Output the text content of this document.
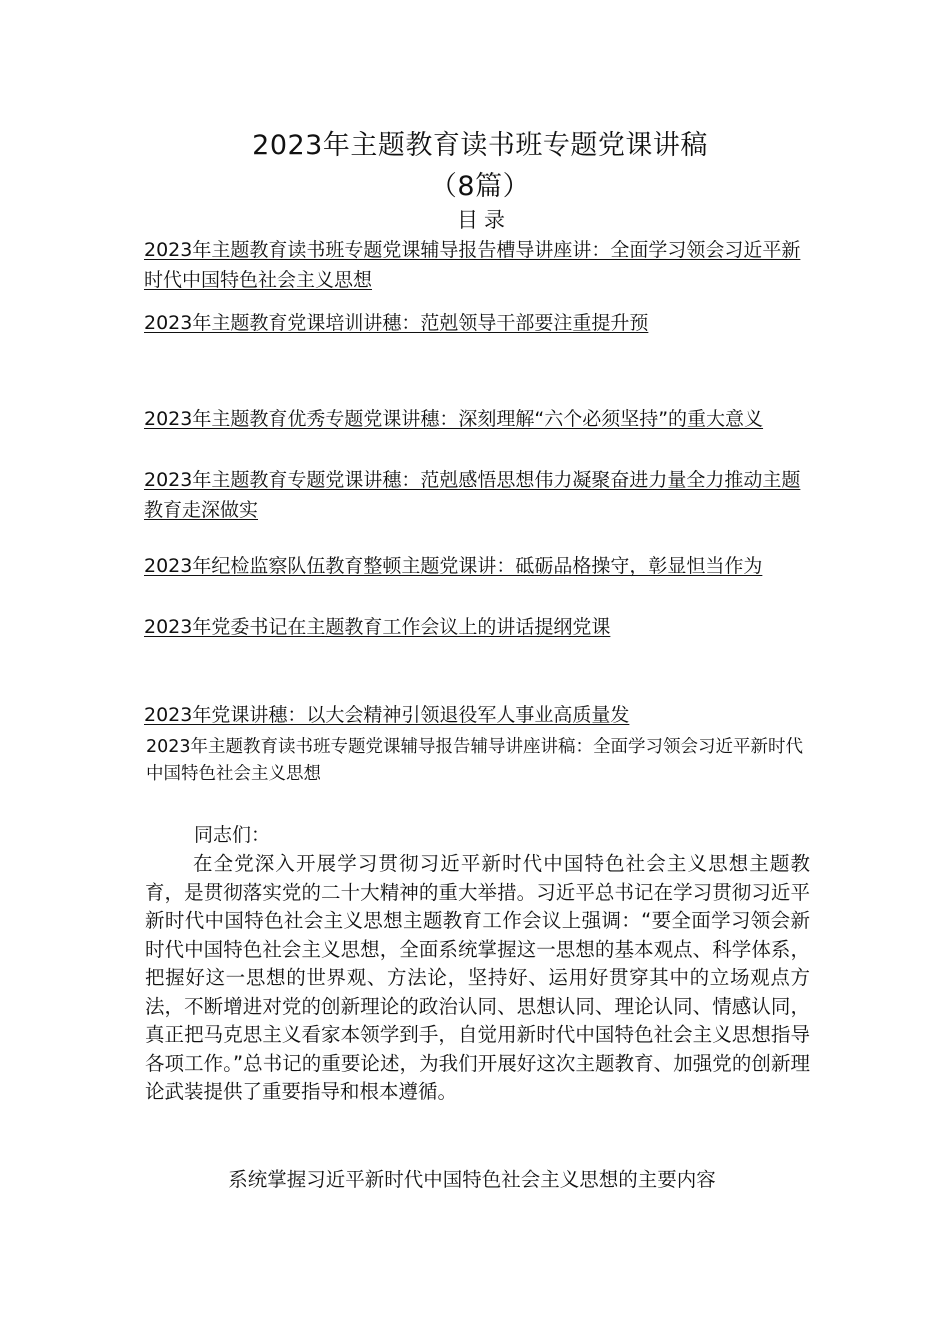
2023年主题教育读书班专题党课讲稿
（8篇）
目录
2023年主题教育读书班专题党课辅导报告槽导讲座讲：全面学习领会习近平新时代中国特色社会主义思想
2023年主题教育党课培训讲穗：范剋领导干部要注重提升预
2023年主题教育优秀专题党课讲穗：深刻理解“六个必须坚持”的重大意义
2023年主题教育专题党课讲穗：范剋感悟思想伟力凝聚奋进力量全力推动主题教育走深做实
2023年纪检监察队伍教育整顿主题党课讲：砥砺品格操守，彰显怛当作为
2023年党委书记在主题教育工作会议上的讲话提纲党课
2023年党课讲穗：以大会精神引领退役军人事业高质量发
2023年主题教育读书班专题党课辅导报告辅导讲座讲稿：全面学习领会习近平新时代中国特色社会主义思想
同志们：
在全党深入开展学习贯彻习近平新时代中国特色社会主义思想主题教育，是贯彻落实党的二十大精神的重大举措。习近平总书记在学习贯彻习近平新时代中国特色社会主义思想主题教育工作会议上强调：“要全面学习领会新时代中国特色社会主义思想，全面系统掌握这一思想的基本观点、科学体系，把握好这一思想的世界观、方法论，坚持好、运用好贯穿其中的立场观点方法，不断增进对党的创新理论的政治认同、思想认同、理论认同、情感认同，真正把马克思主义看家本领学到手，自觉用新时代中国特色社会主义思想指导各项工作。”总书记的重要论述，为我们开展好这次主题教育、加强党的创新理论武装提供了重要指导和根本遵循。
系统掌握习近平新时代中国特色社会主义思想的主要内容
